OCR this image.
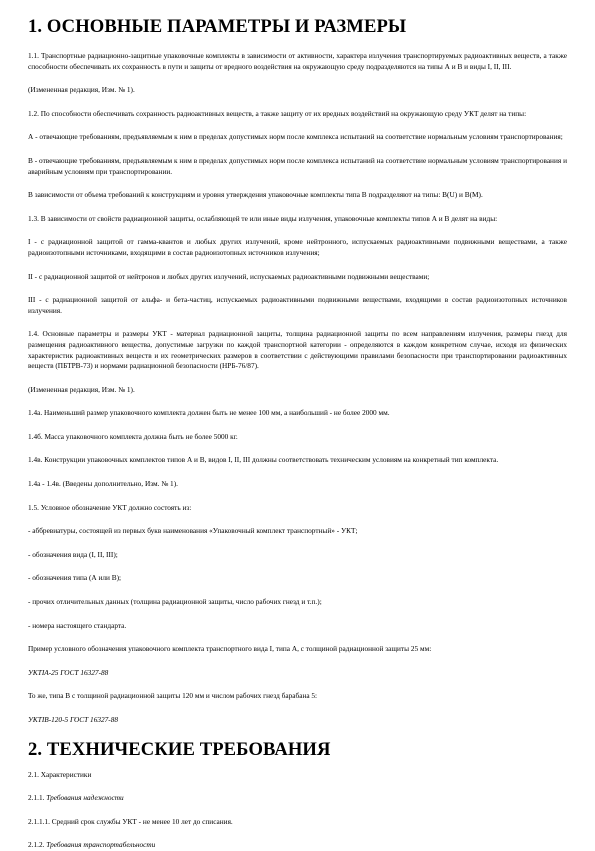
1. ОСНОВНЫЕ ПАРАМЕТРЫ И РАЗМЕРЫ

1.1. Транспортные радиационно-защитные упаковочные комплекты в зависимости от активности, характера излучения транспортируемых радиоактивных веществ, а также способности обеспечивать их сохранность в пути и защиты от вредного воздействия на окружающую среду подразделяются на типы А и В и виды I, II, III.

(Измененная редакция, Изм. № 1).

1.2. По способности обеспечивать сохранность радиоактивных веществ, а также защиту от их вредных воздействий на окружающую среду УКТ делят на типы:

А - отвечающие требованиям, предъявляемым к ним в пределах допустимых норм после комплекса испытаний на соответствие нормальным условиям транспортирования;

В - отвечающие требованиям, предъявляемым к ним в пределах допустимых норм после комплекса испытаний на соответствие нормальным условиям транспортирования и аварийным условиям при транспортировании.

В зависимости от объема требований к конструкциям и уровня утверждения упаковочные комплекты типа В подразделяют на типы: В(U) и В(M).

1.3. В зависимости от свойств радиационной защиты, ослабляющей те или иные виды излучения, упаковочные комплекты типов А и В делят на виды:

I - с радиационной защитой от гамма-квантов и любых других излучений, кроме нейтронного, испускаемых радиоактивными подвижными веществами, а также радиоизотопными источниками, входящими в состав радиоизотопных источников излучения;

II - с радиационной защитой от нейтронов и любых других излучений, испускаемых радиоактивными подвижными веществами;

III - с радиационной защитой от альфа- и бета-частиц, испускаемых радиоактивными подвижными веществами, входящими в состав радиоизотопных источников излучения.

1.4. Основные параметры и размеры УКТ - материал радиационной защиты, толщина радиационной защиты по всем направлениям излучения, размеры гнезд для размещения радиоактивного вещества, допустимые загрузки по каждой транспортной категории - определяются в каждом конкретном случае, исходя из физических характеристик радиоактивных веществ и их геометрических размеров в соответствии с действующими правилами безопасности при транспортировании радиоактивных веществ (ПБТРВ-73) и нормами радиационной безопасности (НРБ-76/87).

(Измененная редакция, Изм. № 1).

1.4а. Наименьший размер упаковочного комплекта должен быть не менее 100 мм, а наибольший - не более 2000 мм.

1.4б. Масса упаковочного комплекта должна быть не более 5000 кг.

1.4в. Конструкции упаковочных комплектов типов А и В, видов I, II, III должны соответствовать техническим условиям на конкретный тип комплекта.

1.4а - 1.4в. (Введены дополнительно, Изм. № 1).

1.5. Условное обозначение УКТ должно состоять из:

- аббревиатуры, состоящей из первых букв наименования «Упаковочный комплект транспортный» - УКТ;

- обозначения вида (I, II, III);

- обозначения типа (А или В);

- прочих отличительных данных (толщина радиационной защиты, число рабочих гнезд и т.п.);

- номера настоящего стандарта.

Пример условного обозначения упаковочного комплекта транспортного вида I, типа А, с толщиной радиационной защиты 25 мм:

УКТIA-25 ГОСТ 16327-88

То же, типа В с толщиной радиационной защиты 120 мм и числом рабочих гнезд барабана 5:

УКТIВ-120-5 ГОСТ 16327-88

2. ТЕХНИЧЕСКИЕ ТРЕБОВАНИЯ

2.1. Характеристики

2.1.1. Требования надежности

2.1.1.1. Средний срок службы УКТ - не менее 10 лет до списания.

2.1.2. Требования транспортабельности
